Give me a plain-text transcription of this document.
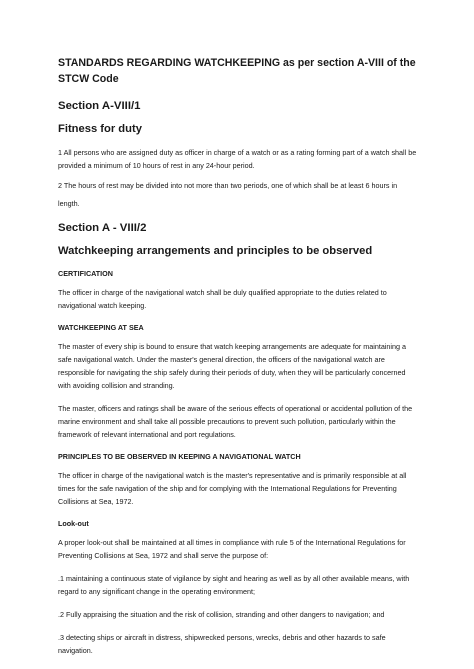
STANDARDS REGARDING WATCHKEEPING as per section A-VIII of the STCW Code
Section A-VIII/1
Fitness for duty
1 All persons who are assigned duty as officer in charge of a watch or as a rating forming part of a watch shall be provided a minimum of 10 hours of rest in any 24-hour period.
2 The hours of rest may be divided into not more than two periods, one of which shall be at least 6 hours in length.
Section A - VIII/2
Watchkeeping arrangements and principles to be observed
CERTIFICATION
The officer in charge of the navigational watch shall be duly qualified appropriate to the duties related to navigational watch keeping.
WATCHKEEPING AT SEA
The master of every ship is bound to ensure that watch keeping arrangements are adequate for maintaining a safe navigational watch. Under the master's general direction, the officers of the navigational watch are responsible for navigating the ship safely during their periods of duty, when they will be particularly concerned with avoiding collision and stranding.
The master, officers and ratings shall be aware of the serious effects of operational or accidental pollution of the marine environment and shall take all possible precautions to prevent such pollution, particularly within the framework of relevant international and port regulations.
PRINCIPLES TO BE OBSERVED IN KEEPING A NAVIGATIONAL WATCH
The officer in charge of the navigational watch is the master's representative and is primarily responsible at all times for the safe navigation of the ship and for complying with the International Regulations for Preventing Collisions at Sea, 1972.
Look-out
A proper look-out shall be maintained at all times in compliance with rule 5 of the International Regulations for Preventing Collisions at Sea, 1972 and shall serve the purpose of:
.1 maintaining a continuous state of vigilance by sight and hearing as well as by all other available means, with regard to any significant change in the operating environment;
.2 Fully appraising the situation and the risk of collision, stranding and other dangers to navigation; and
.3 detecting ships or aircraft in distress, shipwrecked persons, wrecks, debris and other hazards to safe navigation.
